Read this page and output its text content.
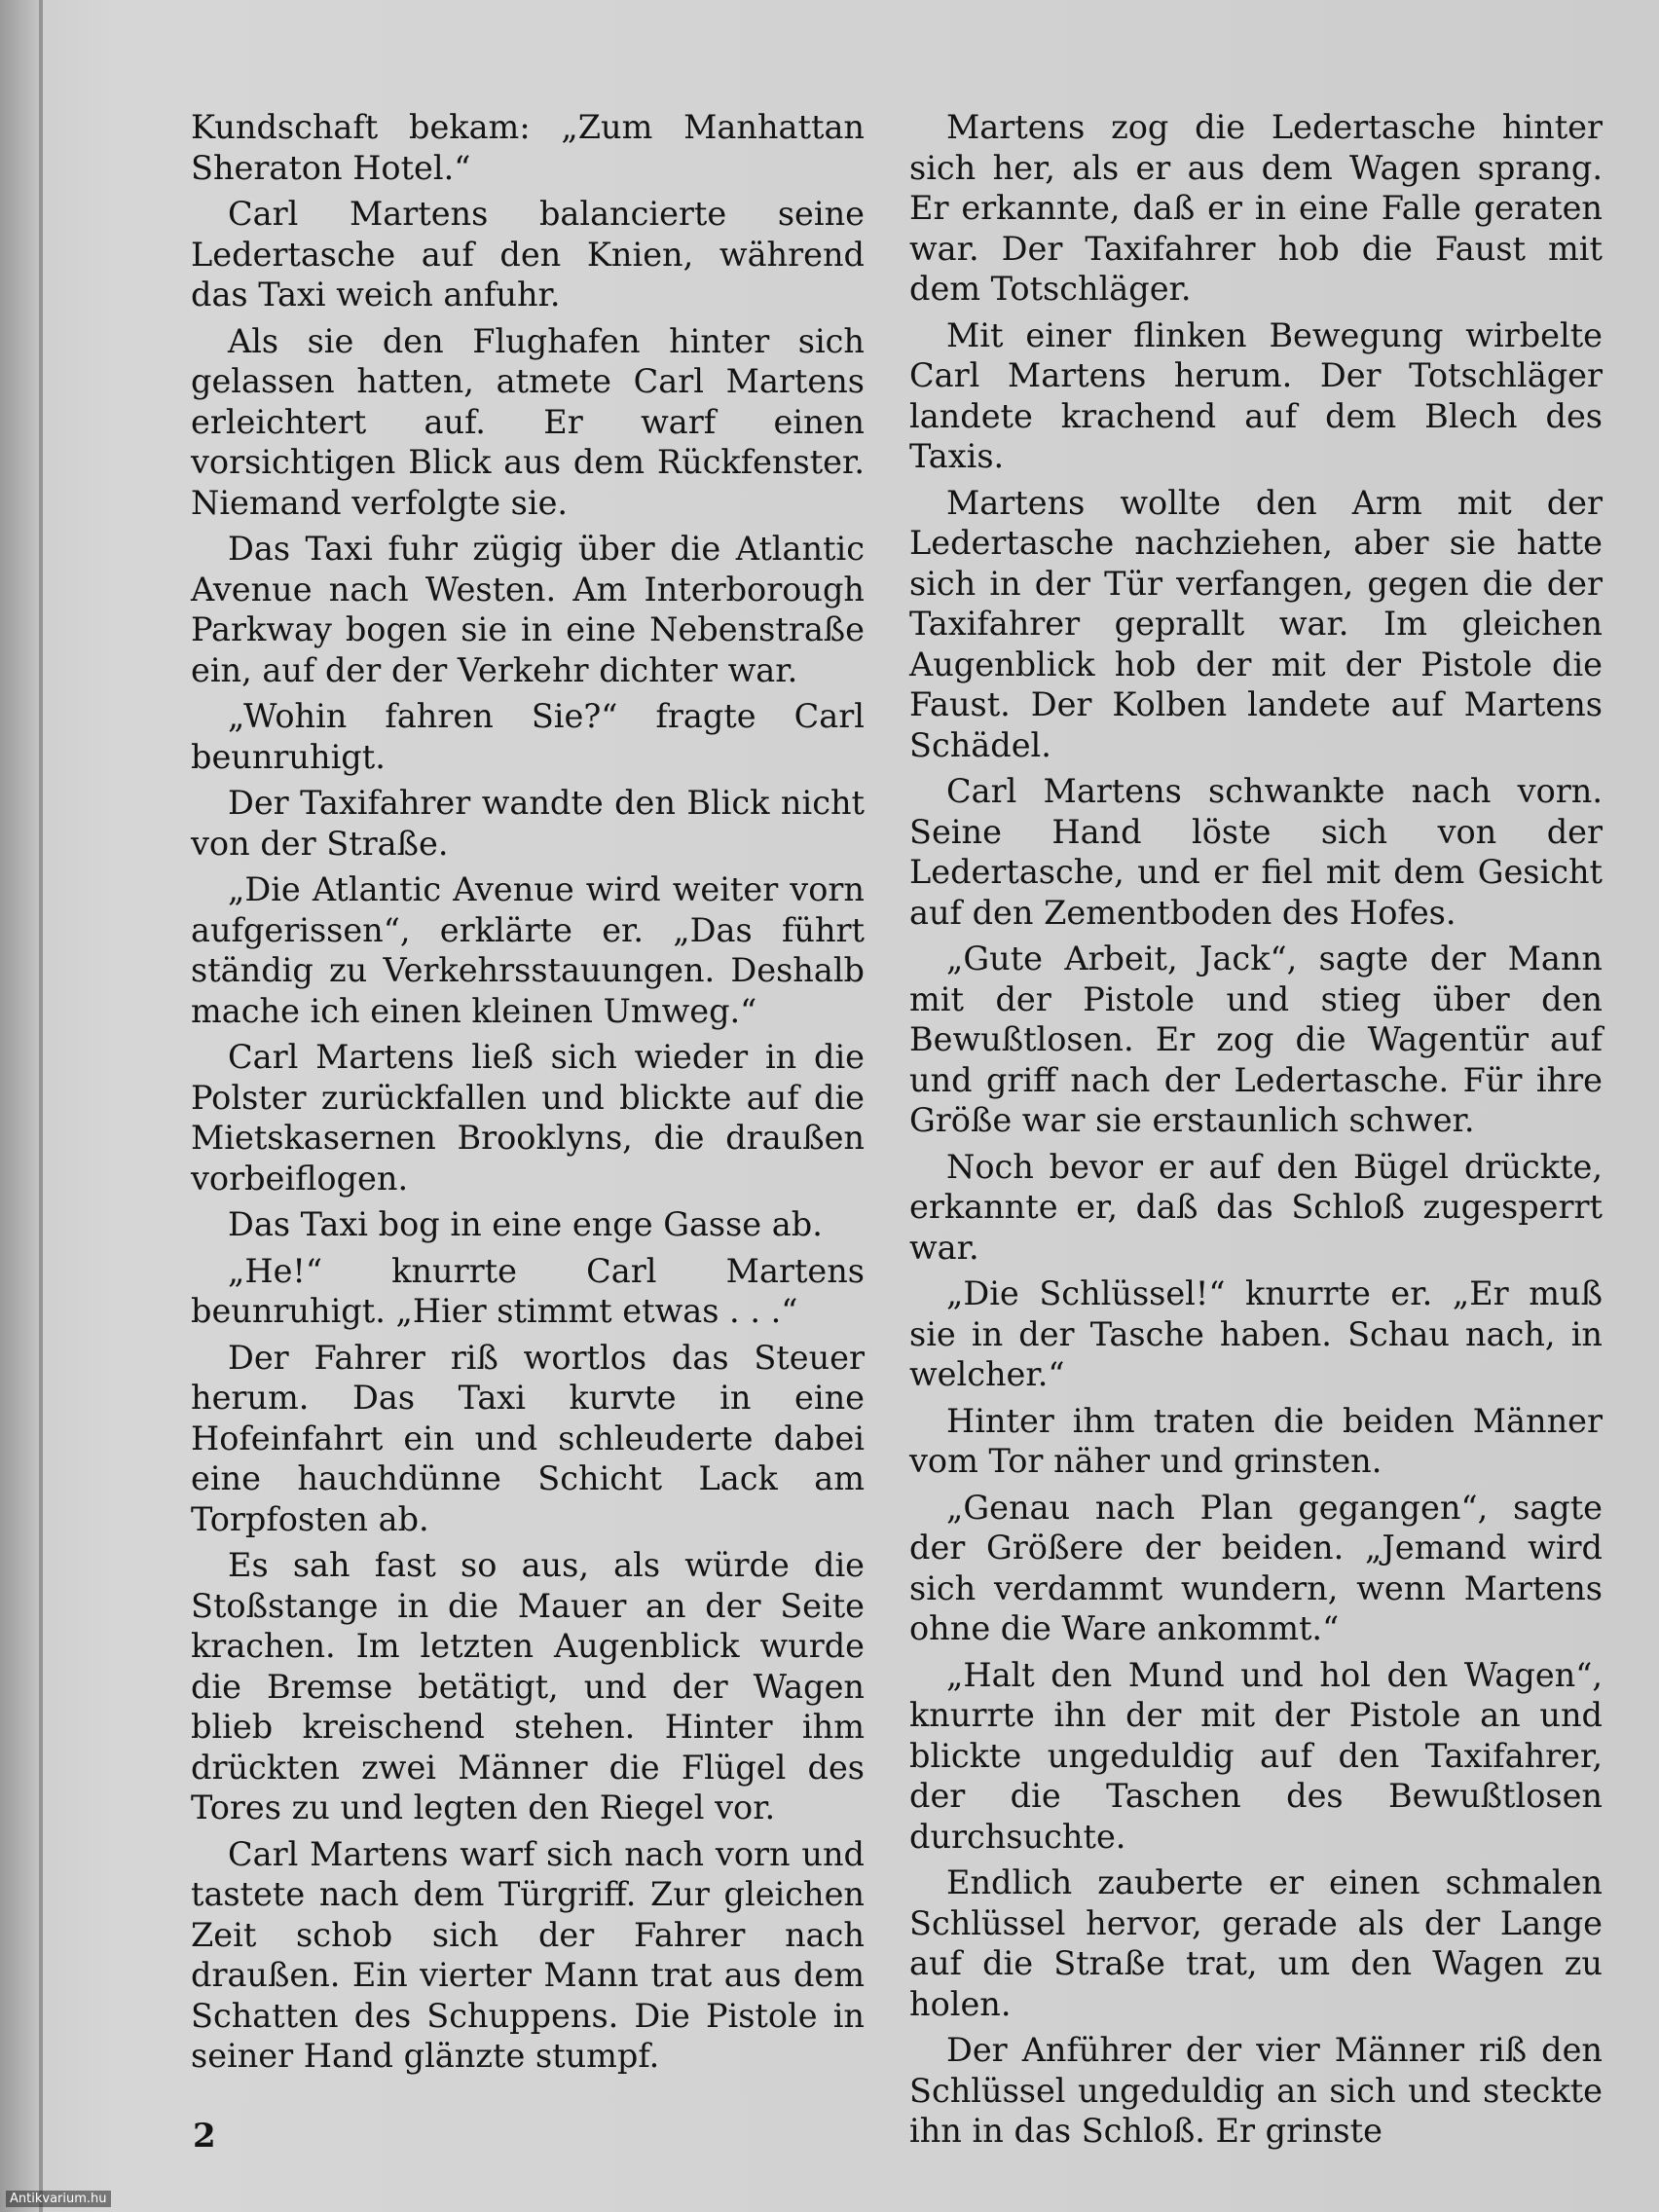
Kundschaft bekam: „Zum Manhattan Sheraton Hotel.“

Carl Martens balancierte seine Ledertasche auf den Knien, während das Taxi weich anfuhr.

Als sie den Flughafen hinter sich gelassen hatten, atmete Carl Martens erleichtert auf. Er warf einen vorsichtigen Blick aus dem Rückfenster. Niemand verfolgte sie.

Das Taxi fuhr zügig über die Atlantic Avenue nach Westen. Am Interborough Parkway bogen sie in eine Nebenstraße ein, auf der der Verkehr dichter war.

„Wohin fahren Sie?“ fragte Carl beunruhigt.

Der Taxifahrer wandte den Blick nicht von der Straße.

„Die Atlantic Avenue wird weiter vorn aufgerissen“, erklärte er. „Das führt ständig zu Verkehrsstauungen. Deshalb mache ich einen kleinen Umweg.“

Carl Martens ließ sich wieder in die Polster zurückfallen und blickte auf die Mietskasernen Brooklyns, die draußen vorbeiflogen.

Das Taxi bog in eine enge Gasse ab.

„He!“ knurrte Carl Martens beunruhigt. „Hier stimmt etwas . . .“

Der Fahrer riß wortlos das Steuer herum. Das Taxi kurvte in eine Hofeinfahrt ein und schleuderte dabei eine hauchdünne Schicht Lack am Torpfosten ab.

Es sah fast so aus, als würde die Stoßstange in die Mauer an der Seite krachen. Im letzten Augenblick wurde die Bremse betätigt, und der Wagen blieb kreischend stehen. Hinter ihm drückten zwei Männer die Flügel des Tores zu und legten den Riegel vor.

Carl Martens warf sich nach vorn und tastete nach dem Türgriff. Zur gleichen Zeit schob sich der Fahrer nach draußen. Ein vierter Mann trat aus dem Schatten des Schuppens. Die Pistole in seiner Hand glänzte stumpf.

Martens zog die Ledertasche hinter sich her, als er aus dem Wagen sprang. Er erkannte, daß er in eine Falle geraten war. Der Taxifahrer hob die Faust mit dem Totschläger.

Mit einer flinken Bewegung wirbelte Carl Martens herum. Der Totschläger landete krachend auf dem Blech des Taxis.

Martens wollte den Arm mit der Ledertasche nachziehen, aber sie hatte sich in der Tür verfangen, gegen die der Taxifahrer geprallt war. Im gleichen Augenblick hob der mit der Pistole die Faust. Der Kolben landete auf Martens Schädel.

Carl Martens schwankte nach vorn. Seine Hand löste sich von der Ledertasche, und er fiel mit dem Gesicht auf den Zementboden des Hofes.

„Gute Arbeit, Jack“, sagte der Mann mit der Pistole und stieg über den Bewußtlosen. Er zog die Wagentür auf und griff nach der Ledertasche. Für ihre Größe war sie erstaunlich schwer.

Noch bevor er auf den Bügel drückte, erkannte er, daß das Schloß zugesperrt war.

„Die Schlüssel!“ knurrte er. „Er muß sie in der Tasche haben. Schau nach, in welcher.“

Hinter ihm traten die beiden Männer vom Tor näher und grinsten.

„Genau nach Plan gegangen“, sagte der Größere der beiden. „Jemand wird sich verdammt wundern, wenn Martens ohne die Ware ankommt.“

„Halt den Mund und hol den Wagen“, knurrte ihn der mit der Pistole an und blickte ungeduldig auf den Taxifahrer, der die Taschen des Bewußtlosen durchsuchte.

Endlich zauberte er einen schmalen Schlüssel hervor, gerade als der Lange auf die Straße trat, um den Wagen zu holen.

Der Anführer der vier Männer riß den Schlüssel ungeduldig an sich und steckte ihn in das Schloß. Er grinste

2
Antikvarium.hu
